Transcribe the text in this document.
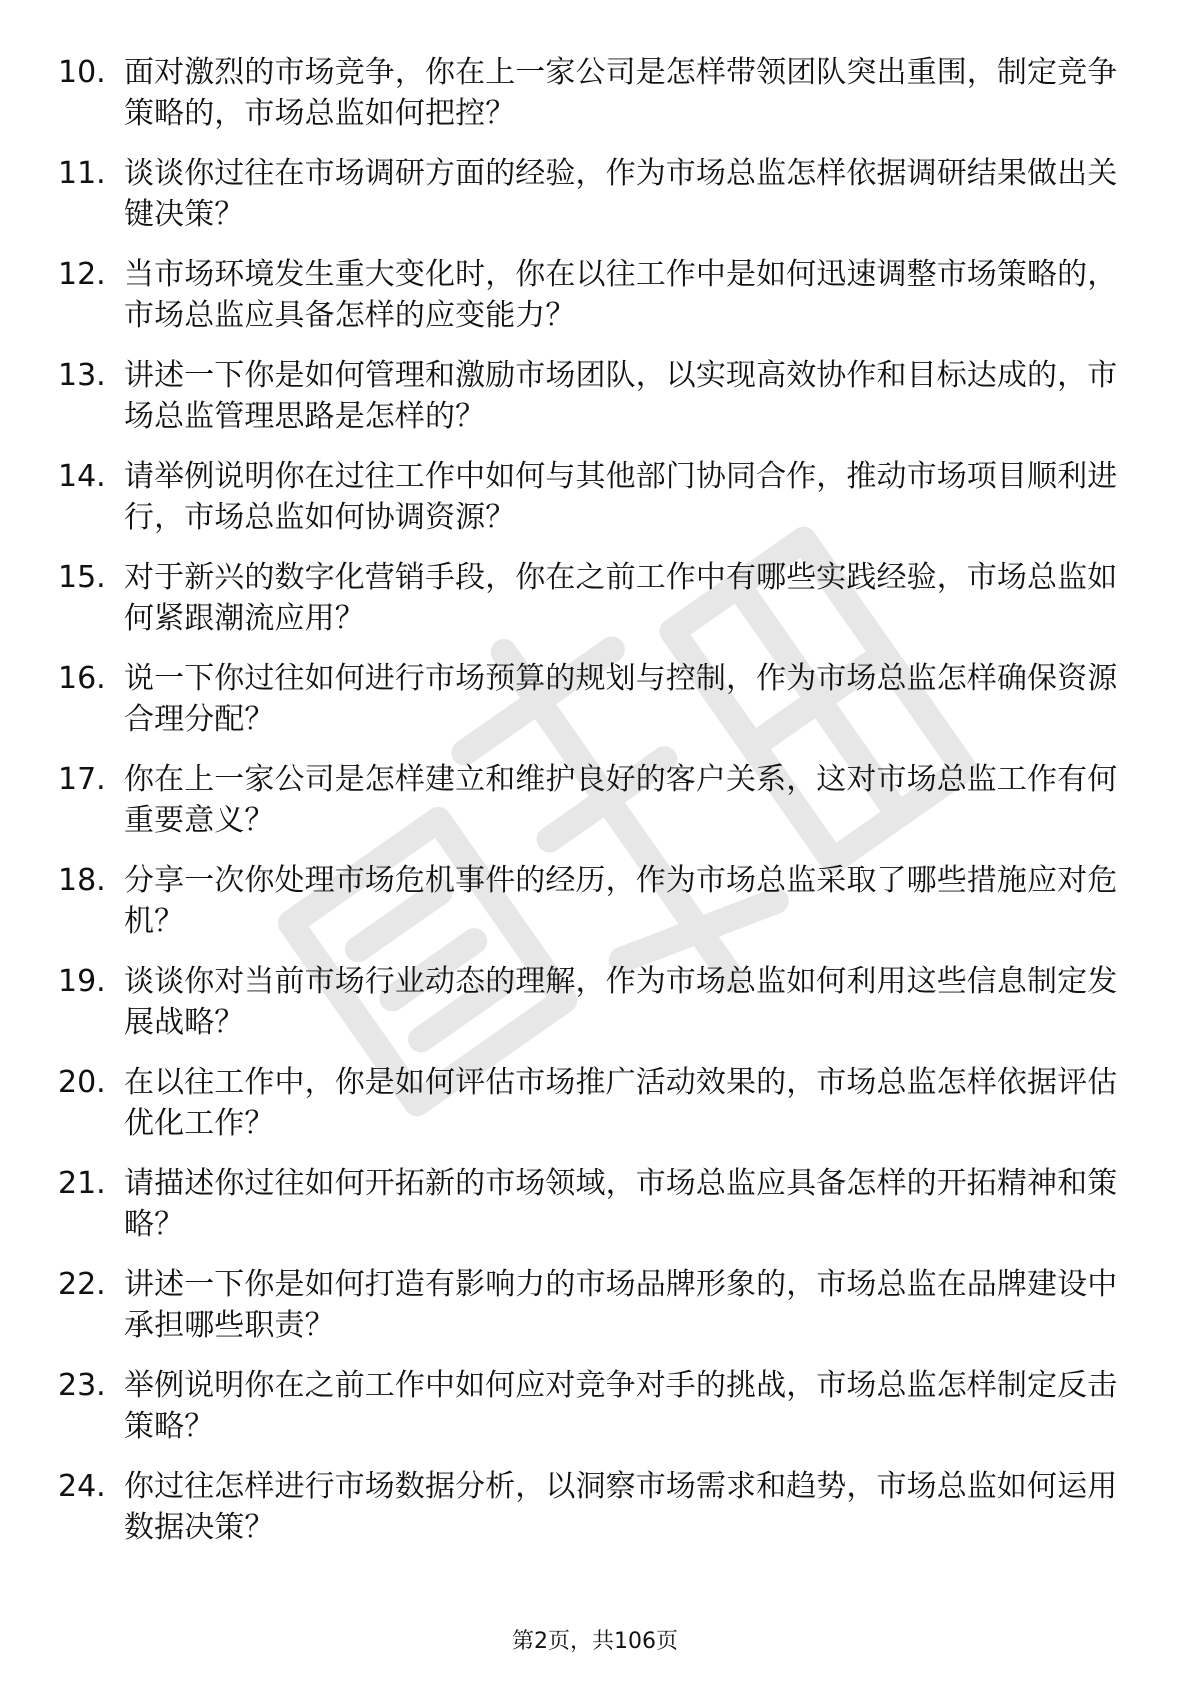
10. 面对激烈的市场竞争，你在上一家公司是怎样带领团队突出重围，制定竞争策略的，市场总监如何把控？
11. 谈谈你过往在市场调研方面的经验，作为市场总监怎样依据调研结果做出关键决策？
12. 当市场环境发生重大变化时，你在以往工作中是如何迅速调整市场策略的，市场总监应具备怎样的应变能力？
13. 讲述一下你是如何管理和激励市场团队，以实现高效协作和目标达成的，市场总监管理思路是怎样的？
14. 请举例说明你在过往工作中如何与其他部门协同合作，推动市场项目顺利进行，市场总监如何协调资源？
15. 对于新兴的数字化营销手段，你在之前工作中有哪些实践经验，市场总监如何紧跟潮流应用？
16. 说一下你过往如何进行市场预算的规划与控制，作为市场总监怎样确保资源合理分配？
17. 你在上一家公司是怎样建立和维护良好的客户关系，这对市场总监工作有何重要意义？
18. 分享一次你处理市场危机事件的经历，作为市场总监采取了哪些措施应对危机？
19. 谈谈你对当前市场行业动态的理解，作为市场总监如何利用这些信息制定发展战略？
20. 在以往工作中，你是如何评估市场推广活动效果的，市场总监怎样依据评估优化工作？
21. 请描述你过往如何开拓新的市场领域，市场总监应具备怎样的开拓精神和策略？
22. 讲述一下你是如何打造有影响力的市场品牌形象的，市场总监在品牌建设中承担哪些职责？
23. 举例说明你在之前工作中如何应对竞争对手的挑战，市场总监怎样制定反击策略？
24. 你过往怎样进行市场数据分析，以洞察市场需求和趋势，市场总监如何运用数据决策？
第2页，共106页
